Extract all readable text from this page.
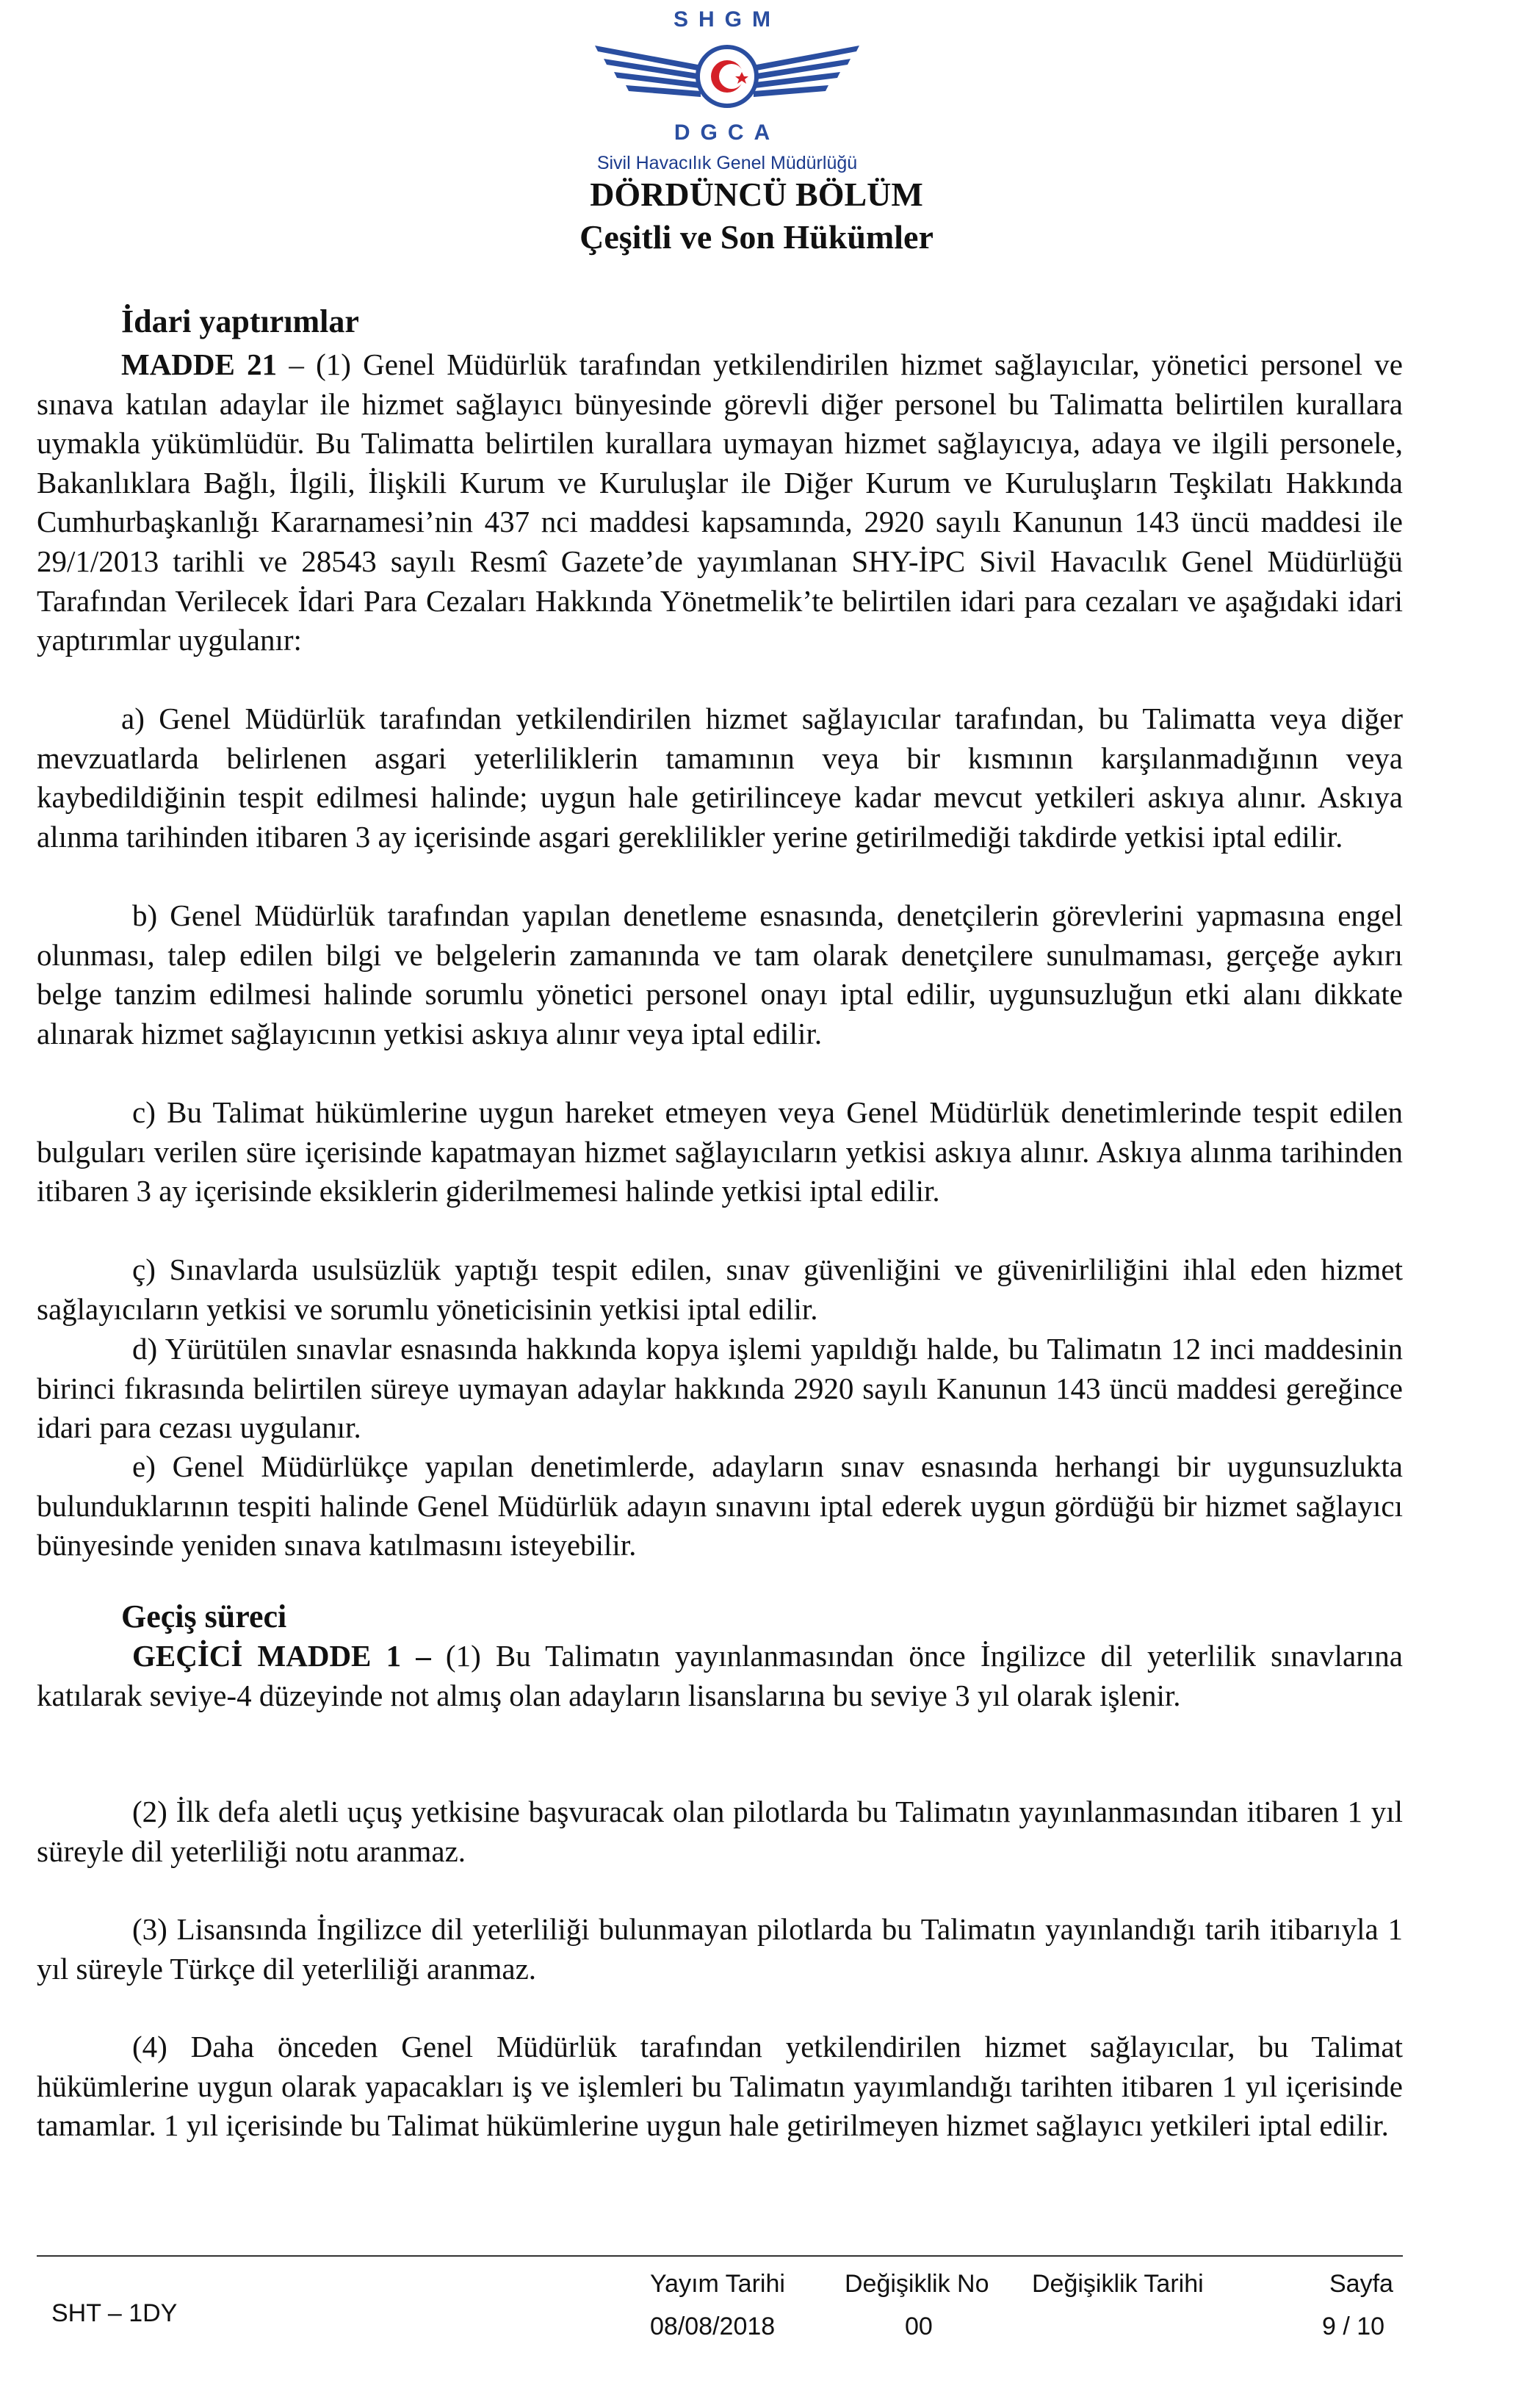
SHGM
DGCA
Sivil Havacılık Genel Müdürlüğü
DÖRDÜNCÜ BÖLÜM
Çeşitli ve Son Hükümler
İdari yaptırımlar
MADDE 21 – (1) Genel Müdürlük tarafından yetkilendirilen hizmet sağlayıcılar, yönetici personel ve sınava katılan adaylar ile hizmet sağlayıcı bünyesinde görevli diğer personel bu Talimatta belirtilen kurallara uymakla yükümlüdür. Bu Talimatta belirtilen kurallara uymayan hizmet sağlayıcıya, adaya ve ilgili personele, Bakanlıklara Bağlı, İlgili, İlişkili Kurum ve Kuruluşlar ile Diğer Kurum ve Kuruluşların Teşkilatı Hakkında Cumhurbaşkanlığı Kararnamesi’nin 437 nci maddesi kapsamında, 2920 sayılı Kanunun 143 üncü maddesi ile 29/1/2013 tarihli ve 28543 sayılı Resmî Gazete’de yayımlanan SHY-İPC Sivil Havacılık Genel Müdürlüğü Tarafından Verilecek İdari Para Cezaları Hakkında Yönetmelik’te belirtilen idari para cezaları ve aşağıdaki idari yaptırımlar uygulanır:
a) Genel Müdürlük tarafından yetkilendirilen hizmet sağlayıcılar tarafından, bu Talimatta veya diğer mevzuatlarda belirlenen asgari yeterliliklerin tamamının veya bir kısmının karşılanmadığının veya kaybedildiğinin tespit edilmesi halinde; uygun hale getirilinceye kadar mevcut yetkileri askıya alınır. Askıya alınma tarihinden itibaren 3 ay içerisinde asgari gereklilikler yerine getirilmediği takdirde yetkisi iptal edilir.
b) Genel Müdürlük tarafından yapılan denetleme esnasında, denetçilerin görevlerini yapmasına engel olunması, talep edilen bilgi ve belgelerin zamanında ve tam olarak denetçilere sunulmaması, gerçeğe aykırı belge tanzim edilmesi halinde sorumlu yönetici personel onayı iptal edilir, uygunsuzluğun etki alanı dikkate alınarak hizmet sağlayıcının yetkisi askıya alınır veya iptal edilir.
c) Bu Talimat hükümlerine uygun hareket etmeyen veya Genel Müdürlük denetimlerinde tespit edilen bulguları verilen süre içerisinde kapatmayan hizmet sağlayıcıların yetkisi askıya alınır. Askıya alınma tarihinden itibaren 3 ay içerisinde eksiklerin giderilmemesi halinde yetkisi iptal edilir.
ç) Sınavlarda usulsüzlük yaptığı tespit edilen, sınav güvenliğini ve güvenirliliğini ihlal eden hizmet sağlayıcıların yetkisi ve sorumlu yöneticisinin yetkisi iptal edilir.
d) Yürütülen sınavlar esnasında hakkında kopya işlemi yapıldığı halde, bu Talimatın 12 inci maddesinin birinci fıkrasında belirtilen süreye uymayan adaylar hakkında 2920 sayılı Kanunun 143 üncü maddesi gereğince idari para cezası uygulanır.
e) Genel Müdürlükçe yapılan denetimlerde, adayların sınav esnasında herhangi bir uygunsuzlukta bulunduklarının tespiti halinde Genel Müdürlük adayın sınavını iptal ederek uygun gördüğü bir hizmet sağlayıcı bünyesinde yeniden sınava katılmasını isteyebilir.
Geçiş süreci
GEÇİCİ MADDE 1 – (1) Bu Talimatın yayınlanmasından önce İngilizce dil yeterlilik sınavlarına katılarak seviye-4 düzeyinde not almış olan adayların lisanslarına bu seviye 3 yıl olarak işlenir.
(2) İlk defa aletli uçuş yetkisine başvuracak olan pilotlarda bu Talimatın yayınlanmasından itibaren 1 yıl süreyle dil yeterliliği notu aranmaz.
(3) Lisansında İngilizce dil yeterliliği bulunmayan pilotlarda bu Talimatın yayınlandığı tarih itibarıyla 1 yıl süreyle Türkçe dil yeterliliği aranmaz.
(4) Daha önceden Genel Müdürlük tarafından yetkilendirilen hizmet sağlayıcılar, bu Talimat hükümlerine uygun olarak yapacakları iş ve işlemleri bu Talimatın yayımlandığı tarihten itibaren 1 yıl içerisinde tamamlar. 1 yıl içerisinde bu Talimat hükümlerine uygun hale getirilmeyen hizmet sağlayıcı yetkileri iptal edilir.
SHT – 1DY
Yayım Tarihi
08/08/2018
Değişiklik No
00
Değişiklik Tarihi	Sayfa
9 / 10
